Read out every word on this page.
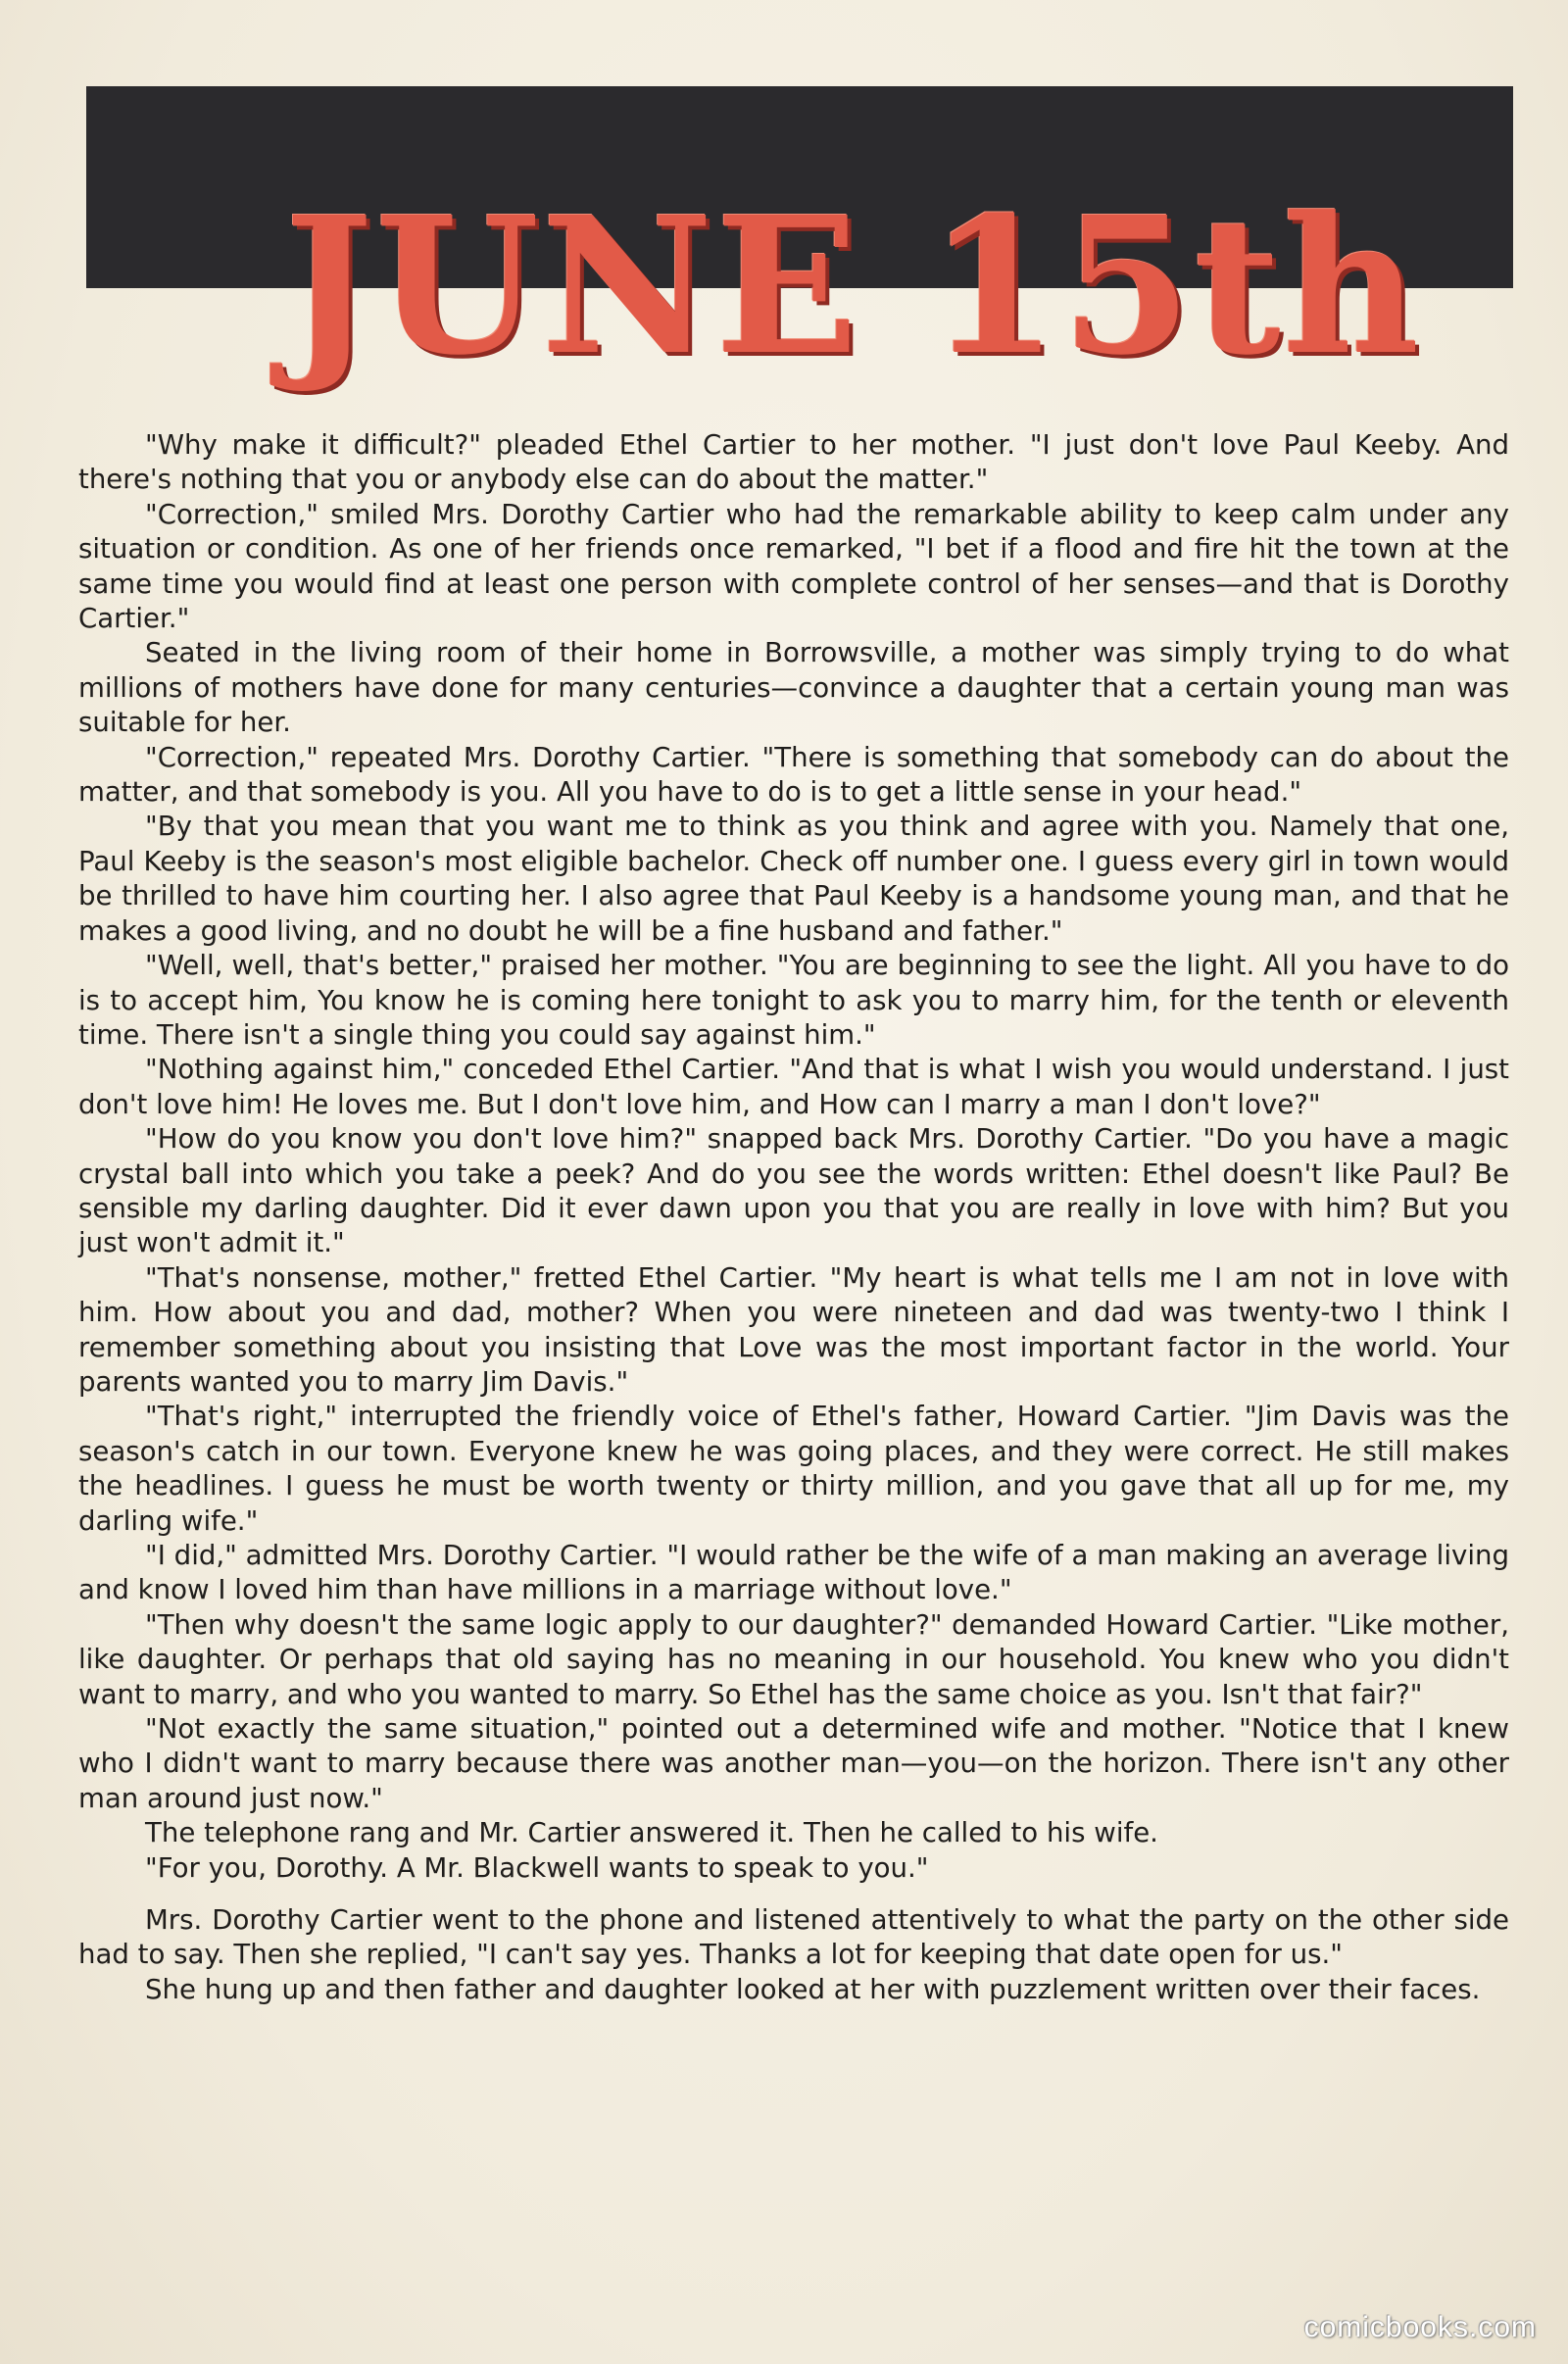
JUNE 15th

"Why make it difficult?" pleaded Ethel Cartier to her mother. "I just don't love Paul Keeby. And there's nothing that you or anybody else can do about the matter."

"Correction," smiled Mrs. Dorothy Cartier who had the remarkable ability to keep calm under any situation or condition. As one of her friends once remarked, "I bet if a flood and fire hit the town at the same time you would find at least one person with complete control of her senses—and that is Dorothy Cartier."

Seated in the living room of their home in Borrowsville, a mother was simply trying to do what millions of mothers have done for many centuries—convince a daughter that a certain young man was suitable for her.

"Correction," repeated Mrs. Dorothy Cartier. "There is something that somebody can do about the matter, and that somebody is you. All you have to do is to get a little sense in your head."

"By that you mean that you want me to think as you think and agree with you. Namely that one, Paul Keeby is the season's most eligible bachelor. Check off number one. I guess every girl in town would be thrilled to have him courting her. I also agree that Paul Keeby is a handsome young man, and that he makes a good living, and no doubt he will be a fine husband and father."

"Well, well, that's better," praised her mother. "You are beginning to see the light. All you have to do is to accept him, You know he is coming here tonight to ask you to marry him, for the tenth or eleventh time. There isn't a single thing you could say against him."

"Nothing against him," conceded Ethel Cartier. "And that is what I wish you would understand. I just don't love him! He loves me. But I don't love him, and How can I marry a man I don't love?"

"How do you know you don't love him?" snapped back Mrs. Dorothy Cartier. "Do you have a magic crystal ball into which you take a peek? And do you see the words written: Ethel doesn't like Paul? Be sensible my darling daughter. Did it ever dawn upon you that you are really in love with him? But you just won't admit it."

"That's nonsense, mother," fretted Ethel Cartier. "My heart is what tells me I am not in love with him. How about you and dad, mother? When you were nineteen and dad was twenty-two I think I remember something about you insisting that Love was the most important factor in the world. Your parents wanted you to marry Jim Davis."

"That's right," interrupted the friendly voice of Ethel's father, Howard Cartier. "Jim Davis was the season's catch in our town. Everyone knew he was going places, and they were correct. He still makes the headlines. I guess he must be worth twenty or thirty million, and you gave that all up for me, my darling wife."

"I did," admitted Mrs. Dorothy Cartier. "I would rather be the wife of a man making an average living and know I loved him than have millions in a marriage without love."

"Then why doesn't the same logic apply to our daughter?" demanded Howard Cartier. "Like mother, like daughter. Or perhaps that old saying has no meaning in our household. You knew who you didn't want to marry, and who you wanted to marry. So Ethel has the same choice as you. Isn't that fair?"

"Not exactly the same situation," pointed out a determined wife and mother. "Notice that I knew who I didn't want to marry because there was another man—you—on the horizon. There isn't any other man around just now."

The telephone rang and Mr. Cartier answered it. Then he called to his wife.

"For you, Dorothy. A Mr. Blackwell wants to speak to you."

Mrs. Dorothy Cartier went to the phone and listened attentively to what the party on the other side had to say. Then she replied, "I can't say yes. Thanks a lot for keeping that date open for us."

She hung up and then father and daughter looked at her with puzzlement written over their faces.

comicbooks.com
